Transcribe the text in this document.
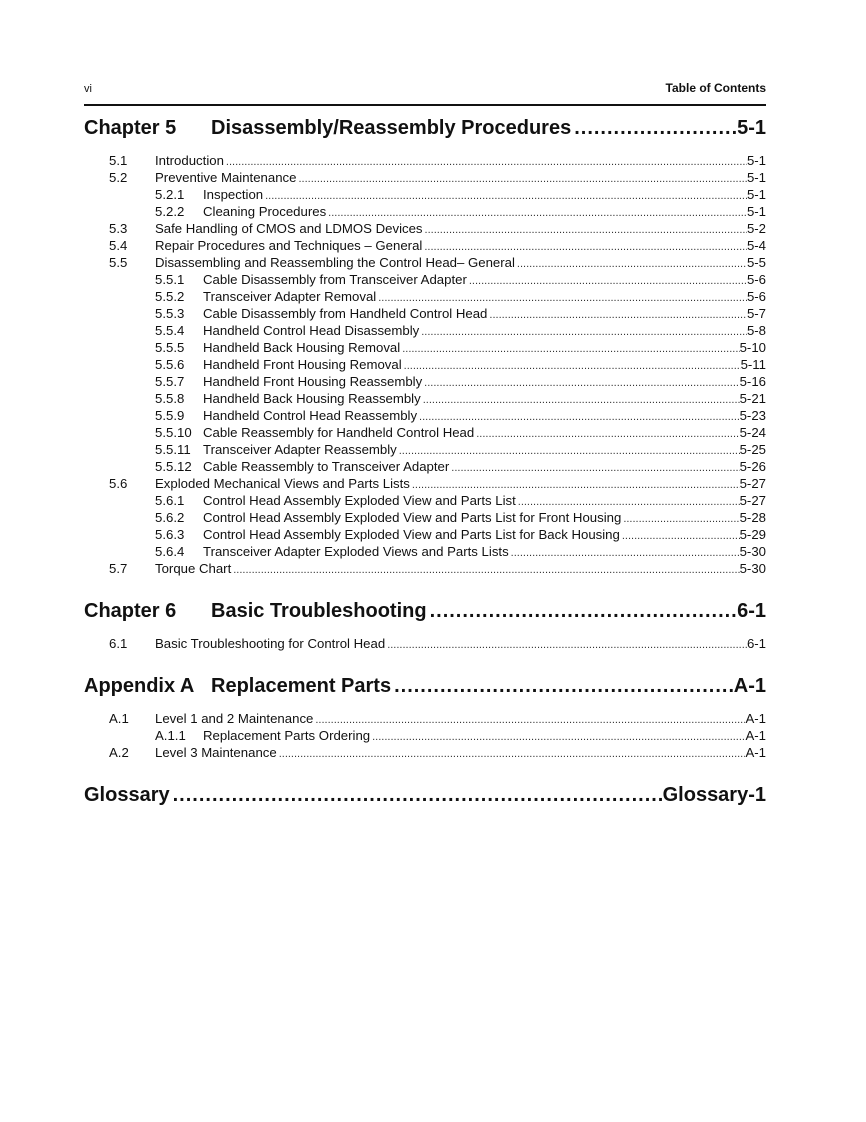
vi	Table of Contents
Chapter 5	Disassembly/Reassembly Procedures .....	5-1
5.1	Introduction .....	5-1
5.2	Preventive Maintenance .....	5-1
5.2.1	Inspection .....	5-1
5.2.2	Cleaning Procedures .....	5-1
5.3	Safe Handling of CMOS and LDMOS Devices .....	5-2
5.4	Repair Procedures and Techniques – General .....	5-4
5.5	Disassembling and Reassembling the Control Head– General .....	5-5
5.5.1	Cable Disassembly from Transceiver Adapter .....	5-6
5.5.2	Transceiver Adapter Removal .....	5-6
5.5.3	Cable Disassembly from Handheld Control Head .....	5-7
5.5.4	Handheld Control Head Disassembly .....	5-8
5.5.5	Handheld Back Housing Removal .....	5-10
5.5.6	Handheld Front Housing Removal .....	5-11
5.5.7	Handheld Front Housing Reassembly .....	5-16
5.5.8	Handheld Back Housing Reassembly .....	5-21
5.5.9	Handheld Control Head Reassembly .....	5-23
5.5.10 Cable Reassembly for Handheld Control Head .....	5-24
5.5.11 Transceiver Adapter Reassembly .....	5-25
5.5.12 Cable Reassembly to Transceiver Adapter .....	5-26
5.6	Exploded Mechanical Views and Parts Lists .....	5-27
5.6.1	Control Head Assembly Exploded View and Parts List .....	5-27
5.6.2	Control Head Assembly Exploded View and Parts List for Front Housing .....	5-28
5.6.3	Control Head Assembly Exploded View and Parts List for Back Housing .....	5-29
5.6.4	Transceiver Adapter Exploded Views and Parts Lists .....	5-30
5.7	Torque Chart .....	5-30
Chapter 6	Basic Troubleshooting .....	6-1
6.1	Basic Troubleshooting for Control Head .....	6-1
Appendix A Replacement Parts .....	A-1
A.1	Level 1 and 2 Maintenance .....	A-1
A.1.1	Replacement Parts Ordering .....	A-1
A.2	Level 3 Maintenance .....	A-1
Glossary .....	Glossary-1
